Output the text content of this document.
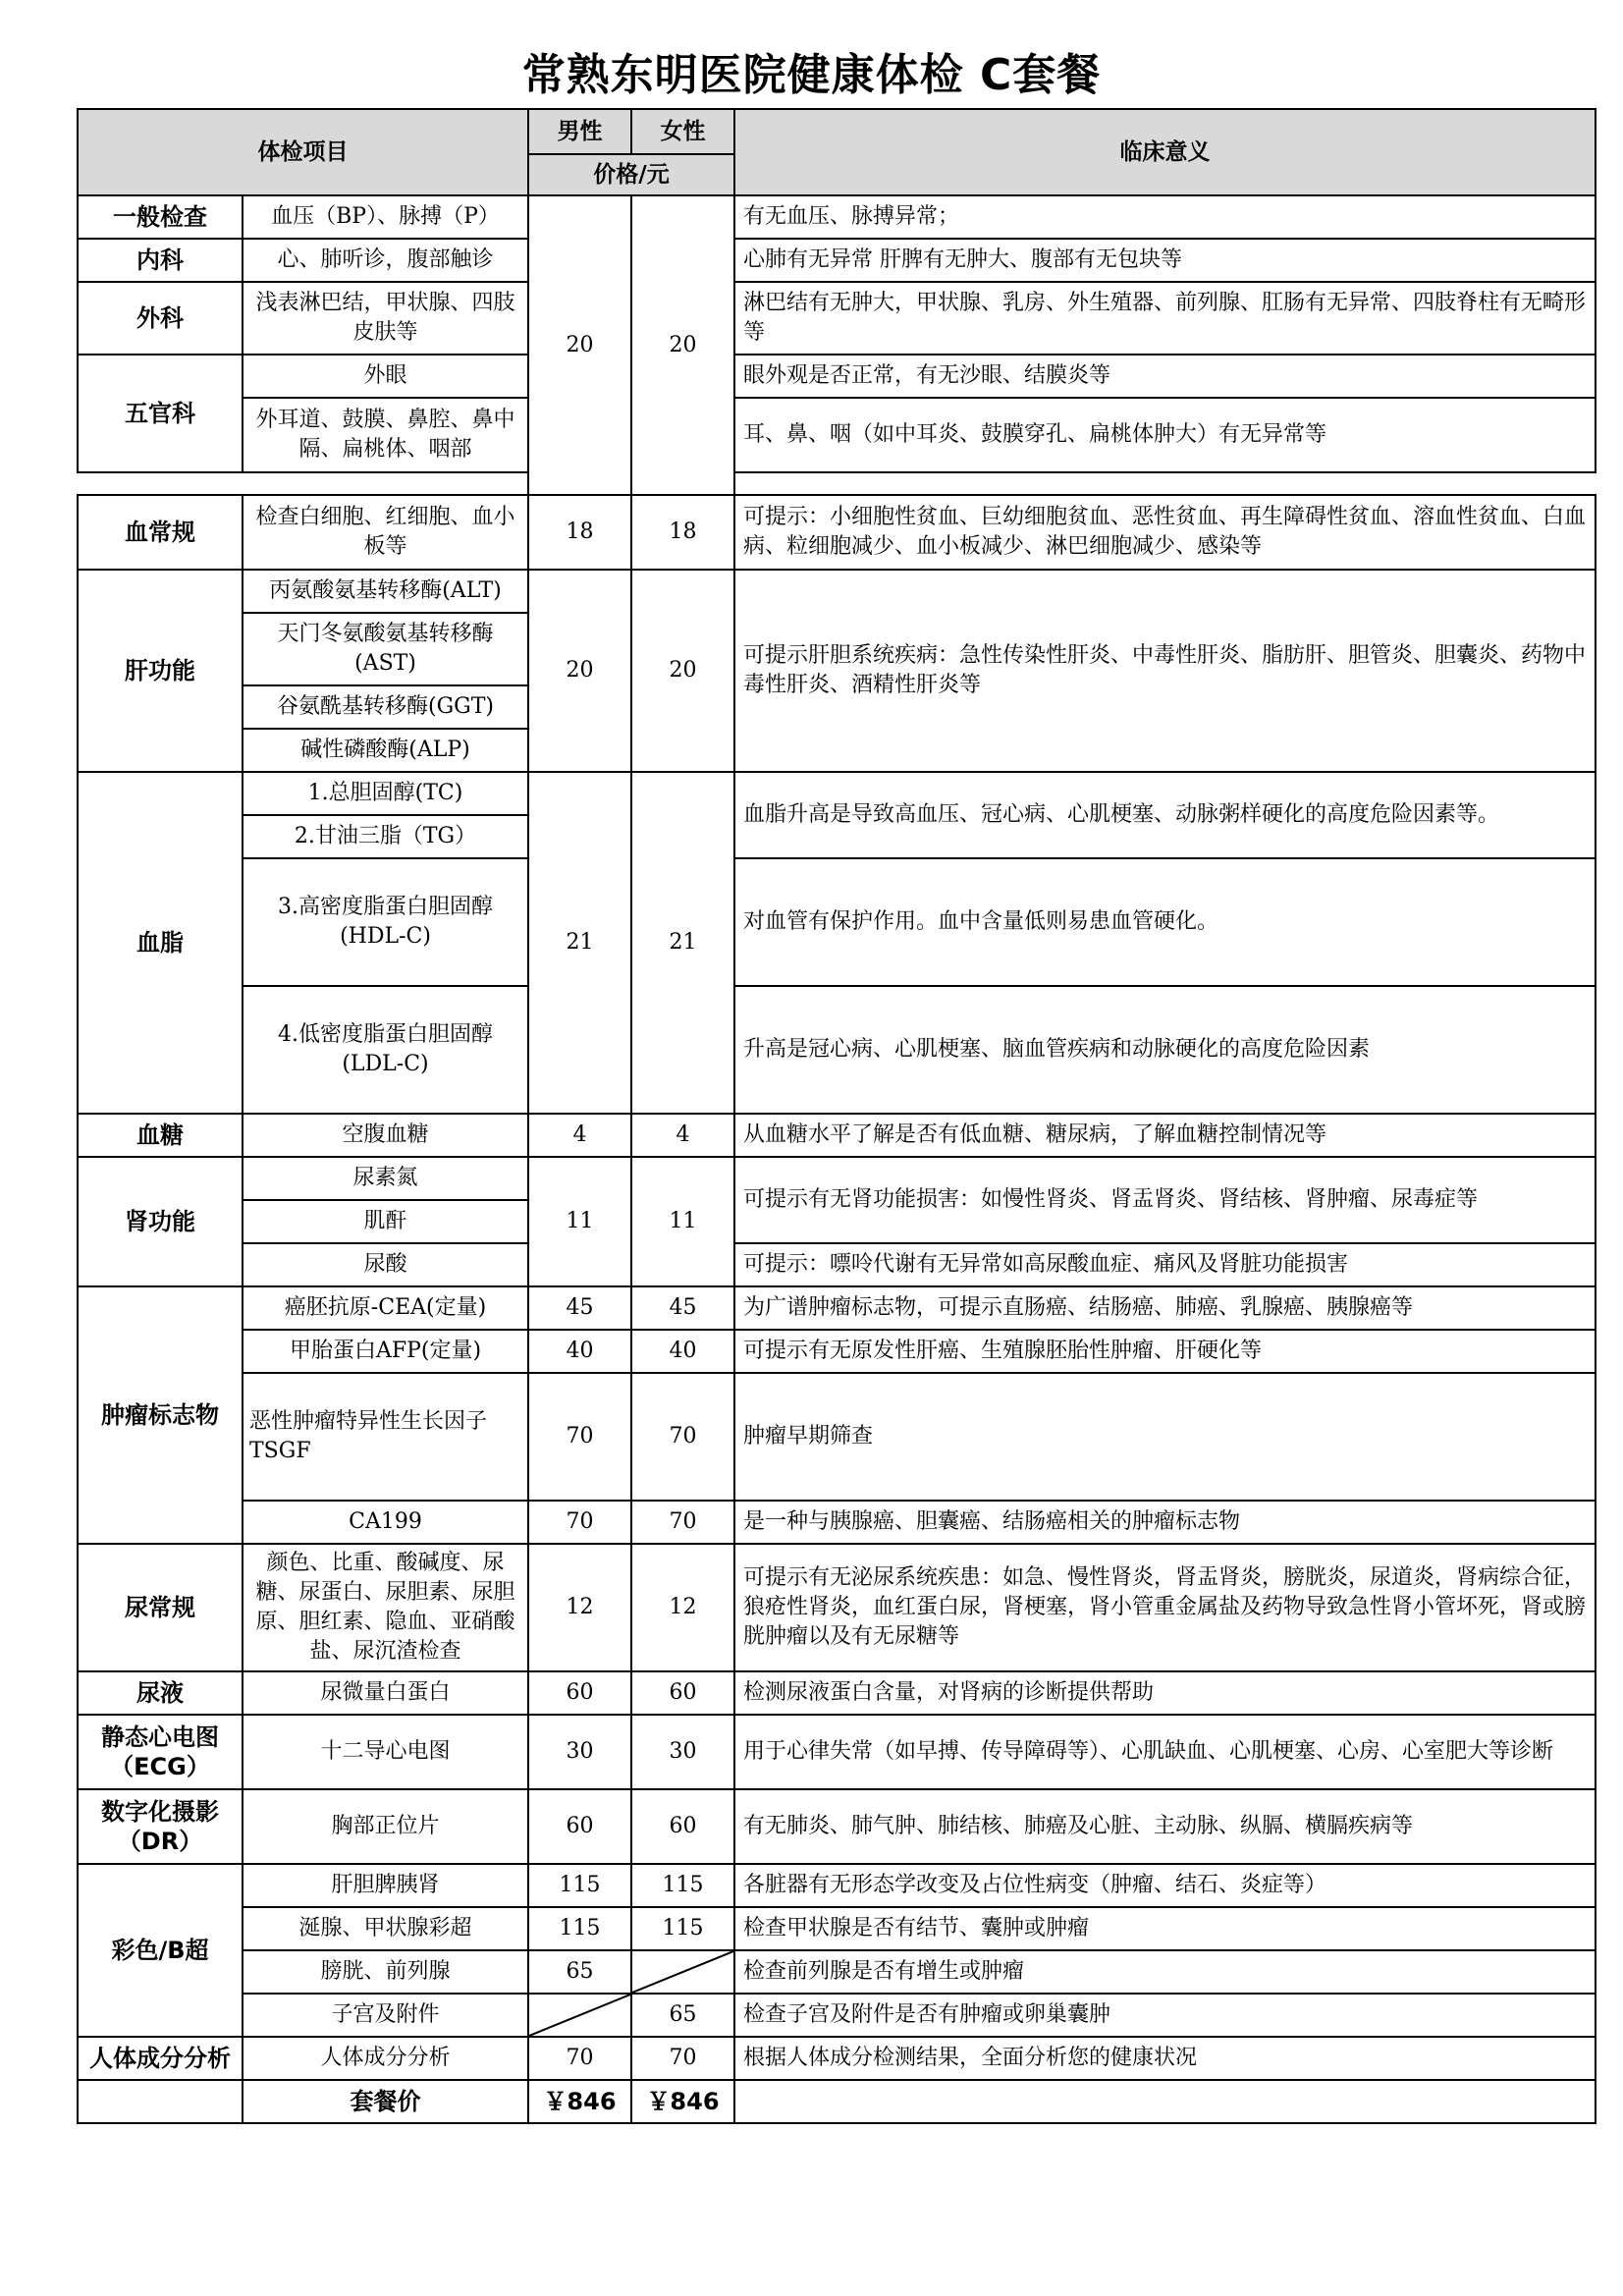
常熟东明医院健康体检 C套餐
体检项目		男性	女性	临床意义
		价格/元		
一般检查	血压（BP）、脉搏（P）	20	20	有无血压、脉搏异常；
内科	心、肺听诊，腹部触诊			心肺有无异常 肝脾有无肿大、腹部有无包块等
外科	浅表淋巴结，甲状腺、四肢皮肤等			淋巴结有无肿大，甲状腺、乳房、外生殖器、前列腺、肛肠有无异常、四肢脊柱有无畸形等
五官科	外眼			眼外观是否正常，有无沙眼、结膜炎等
	外耳道、鼓膜、鼻腔、鼻中隔、扁桃体、咽部			耳、鼻、咽（如中耳炎、鼓膜穿孔、扁桃体肿大）有无异常等

血常规	检查白细胞、红细胞、血小板等	18	18	可提示：小细胞性贫血、巨幼细胞贫血、恶性贫血、再生障碍性贫血、溶血性贫血、白血病、粒细胞减少、血小板减少、淋巴细胞减少、感染等
肝功能	丙氨酸氨基转移酶(ALT)	20	20	可提示肝胆系统疾病：急性传染性肝炎、中毒性肝炎、脂肪肝、胆管炎、胆囊炎、药物中毒性肝炎、酒精性肝炎等
	天门冬氨酸氨基转移酶(AST)			
	谷氨酰基转移酶(GGT)			
	碱性磷酸酶(ALP)			
血脂	1.总胆固醇(TC)	21	21	血脂升高是导致高血压、冠心病、心肌梗塞、动脉粥样硬化的高度危险因素等。
	2.甘油三脂（TG）			
	3.高密度脂蛋白胆固醇(HDL-C)			对血管有保护作用。血中含量低则易患血管硬化。
	4.低密度脂蛋白胆固醇(LDL-C)			升高是冠心病、心肌梗塞、脑血管疾病和动脉硬化的高度危险因素
血糖	空腹血糖	4	4	从血糖水平了解是否有低血糖、糖尿病，了解血糖控制情况等
肾功能	尿素氮	11	11	可提示有无肾功能损害：如慢性肾炎、肾盂肾炎、肾结核、肾肿瘤、尿毒症等
	肌酐			
	尿酸			可提示：嘌呤代谢有无异常如高尿酸血症、痛风及肾脏功能损害
肿瘤标志物	癌胚抗原-CEA(定量)	45	45	为广谱肿瘤标志物，可提示直肠癌、结肠癌、肺癌、乳腺癌、胰腺癌等
	甲胎蛋白AFP(定量)	40	40	可提示有无原发性肝癌、生殖腺胚胎性肿瘤、肝硬化等
	恶性肿瘤特异性生长因子TSGF	70	70	肿瘤早期筛查
	CA199	70	70	是一种与胰腺癌、胆囊癌、结肠癌相关的肿瘤标志物
尿常规	颜色、比重、酸碱度、尿糖、尿蛋白、尿胆素、尿胆原、胆红素、隐血、亚硝酸盐、尿沉渣检查	12	12	可提示有无泌尿系统疾患：如急、慢性肾炎，肾盂肾炎，膀胱炎，尿道炎，肾病综合征，狼疮性肾炎，血红蛋白尿，肾梗塞，肾小管重金属盐及药物导致急性肾小管坏死，肾或膀胱肿瘤以及有无尿糖等
尿液	尿微量白蛋白	60	60	检测尿液蛋白含量，对肾病的诊断提供帮助
静态心电图（ECG）	十二导心电图	30	30	用于心律失常（如早搏、传导障碍等）、心肌缺血、心肌梗塞、心房、心室肥大等诊断
数字化摄影（DR）	胸部正位片	60	60	有无肺炎、肺气肿、肺结核、肺癌及心脏、主动脉、纵膈、横膈疾病等
彩色/B超	肝胆脾胰肾	115	115	各脏器有无形态学改变及占位性病变（肿瘤、结石、炎症等）
	涎腺、甲状腺彩超	115	115	检查甲状腺是否有结节、囊肿或肿瘤
	膀胱、前列腺	65		检查前列腺是否有增生或肿瘤
	子宫及附件		65	检查子宫及附件是否有肿瘤或卵巢囊肿
人体成分分析	人体成分分析	70	70	根据人体成分检测结果，全面分析您的健康状况
	套餐价	￥846	￥846	
